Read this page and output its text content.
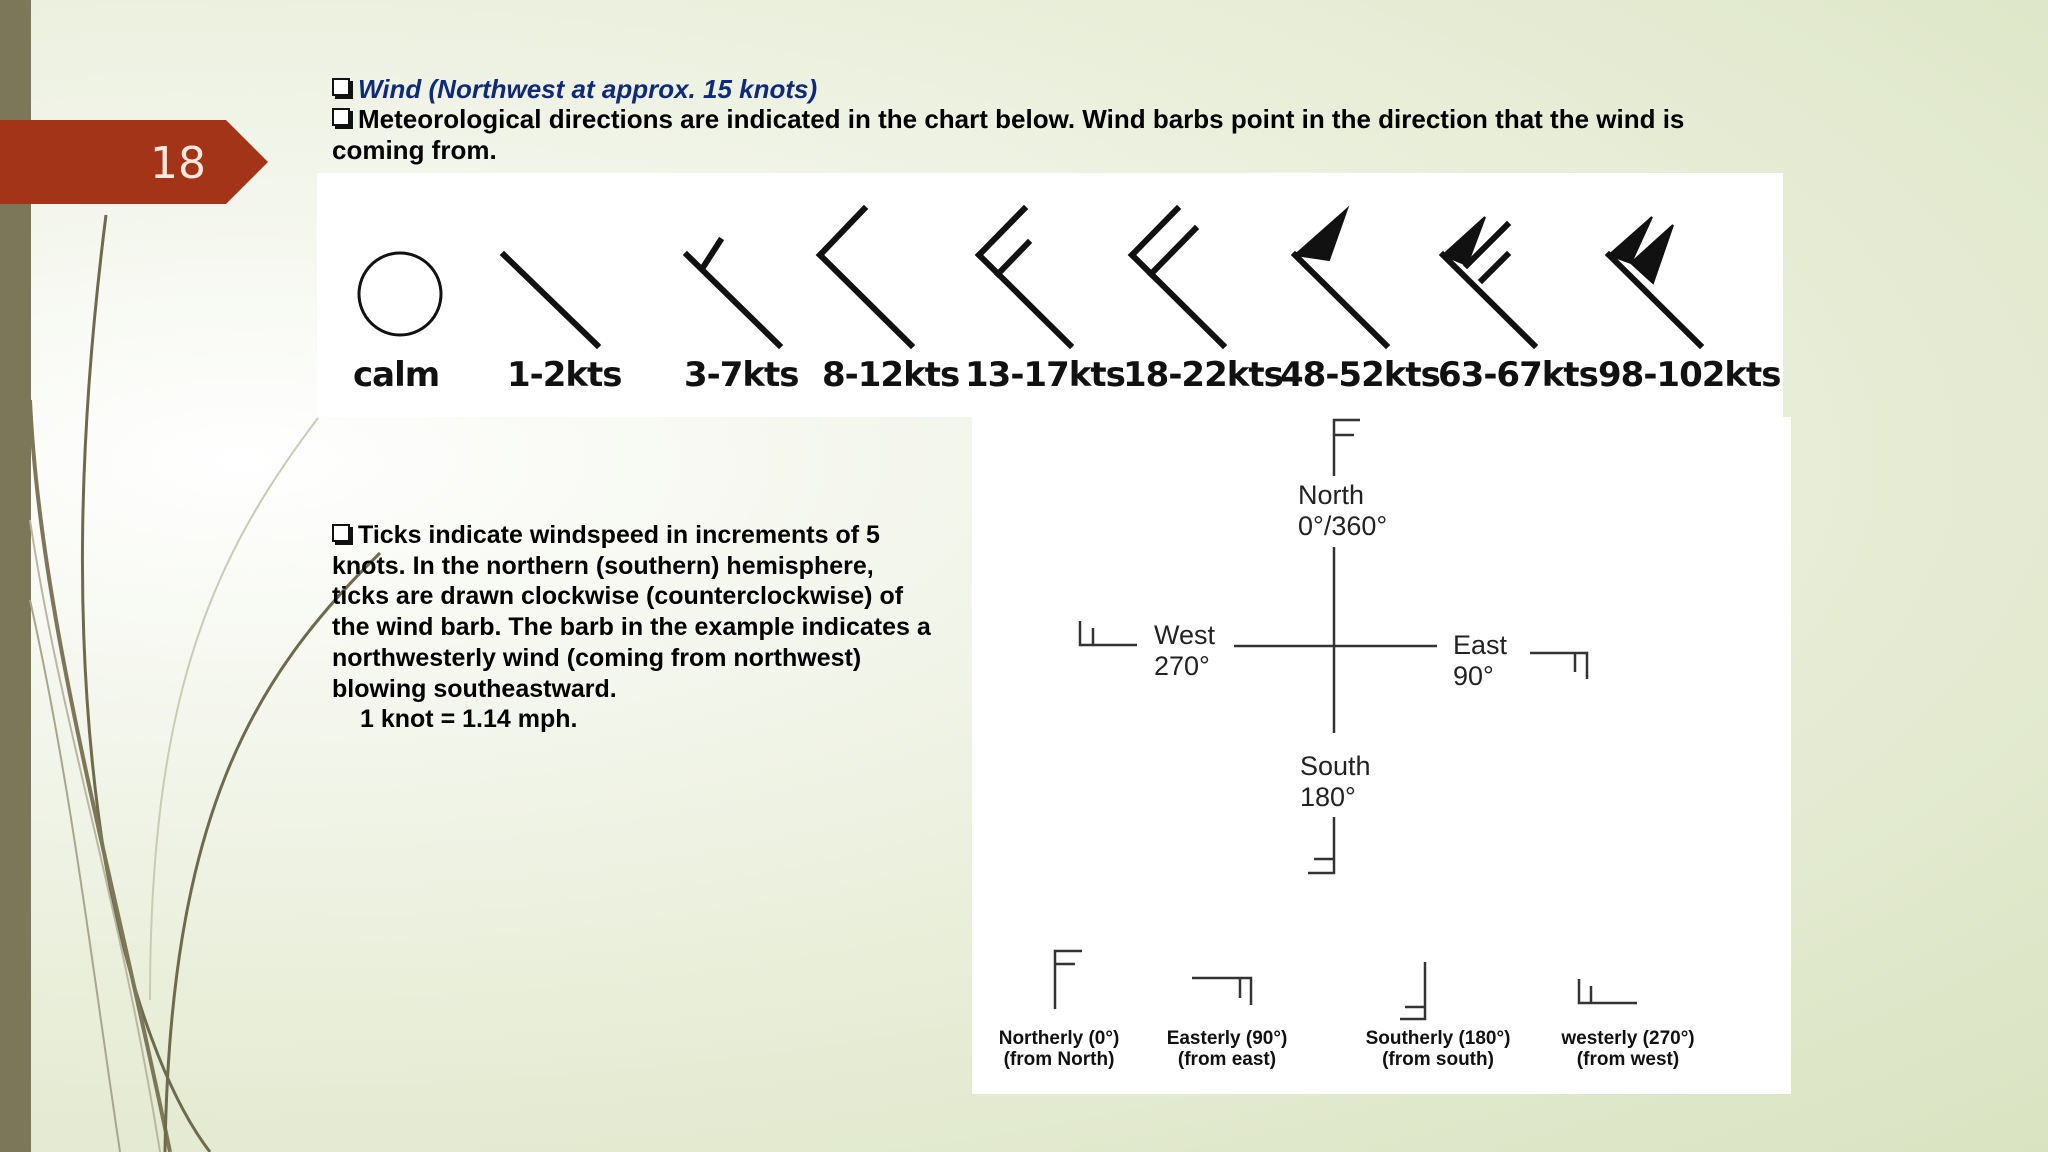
18
Wind (Northwest at approx. 15 knots)
Meteorological directions are indicated in the chart below. Wind barbs point in the direction that the wind is coming from.
calm 1-2kts 3-7kts 8-12kts 13-17kts
18-22kts
48-52kts
63-67kts 98-102kts
Ticks indicate windspeed in increments of 5 knots. In the northern (southern) hemisphere, ticks are drawn clockwise (counterclockwise) of the wind barb. The barb in the example indicates a northwesterly wind (coming from northwest) blowing southeastward.
1 knot = 1.14 mph.
North
0°/360°
West
270°
East
90°
South
180°
Northerly (0°)
(from North)
Easterly (90°)
(from east)
Southerly (180°)
(from south)
westerly (270°)
(from west)
